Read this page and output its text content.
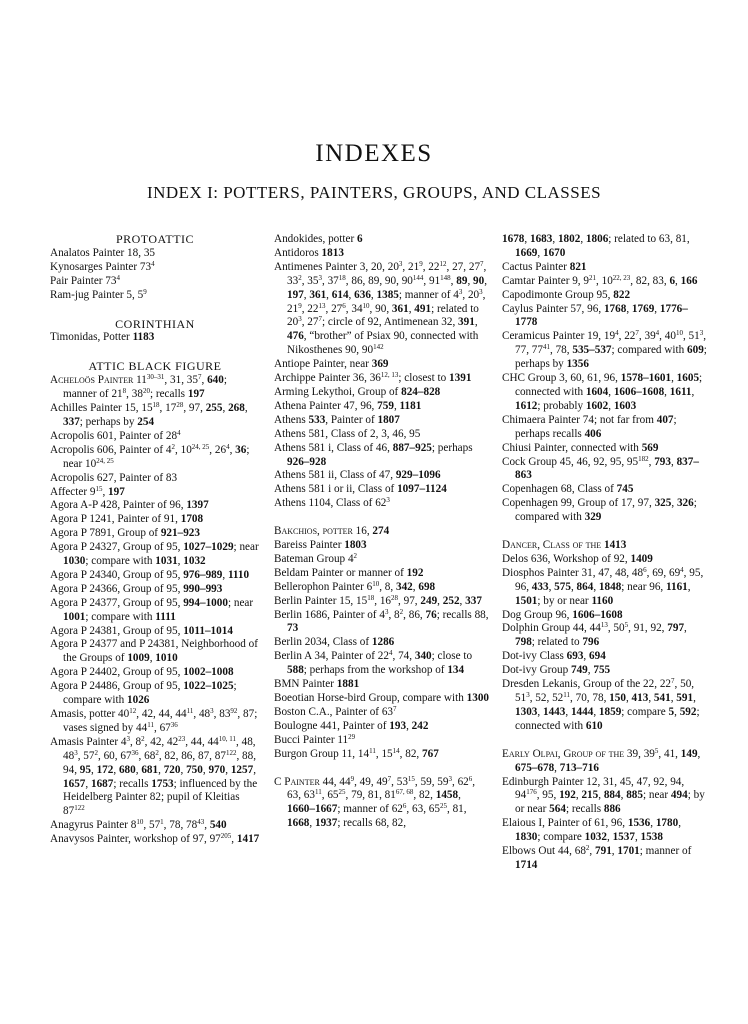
INDEXES
INDEX I: POTTERS, PAINTERS, GROUPS, AND CLASSES
PROTOATTIC
Analatos Painter 18, 35
Kynosarges Painter $73^4$
Pair Painter $73^4$
Ram-jug Painter 5, $5^9$
CORINTHIAN
Timonidas, Potter 1183
ATTIC BLACK FIGURE
Acheloös Painter 11$^{30-31}$, 31, $35^7$, 640; manner of $21^8$, $38^{20}$; recalls 197
Achilles Painter 15, $15^{18}$, $17^{28}$, 97, 255, 268, 337; perhaps by 254
Acropolis 601, Painter of $28^4$
Acropolis 606, Painter of $4^2$, 10$^{24, 25}$, $26^4$, 36; near 10$^{24, 25}$
Acropolis 627, Painter of 83
Affecter $9^{15}$, 197
Agora A-P 428, Painter of 96, 1397
Agora P 1241, Painter of 91, 1708
Agora P 7891, Group of 921–923
Agora P 24327, Group of 95, 1027–1029; near 1030; compare with 1031, 1032
Agora P 24340, Group of 95, 976–989, 1110
Agora P 24366, Group of 95, 990–993
Agora P 24377, Group of 95, 994–1000; near 1001; compare with 1111
Agora P 24381, Group of 95, 1011–1014
Agora P 24377 and P 24381, Neighborhood of the Groups of 1009, 1010
Agora P 24402, Group of 95, 1002–1008
Agora P 24486, Group of 95, 1022–1025; compare with 1026
Amasis, potter $40^{12}$, 42, 44, $44^{11}$, $48^3$, $83^{92}$, 87; vases signed by $44^{11}$, $67^{36}$
Amasis Painter $4^3$, $8^2$, 42, $42^{23}$, 44, 44$^{10, 11}$, 48, $48^3$, $57^2$, 60, $67^{36}$, $68^2$, 82, 86, 87, $87^{122}$, 88, 94, 95, 172, 680, 681, 720, 750, 970, 1257, 1657, 1687; recalls 1753; influenced by the Heidelberg Painter 82; pupil of Kleitias $87^{122}$
Anagyrus Painter $8^{10}$, $57^1$, 78, $78^{43}$, 540
Anavysos Painter, workshop of 97, $97^{205}$, 1417
Andokides, potter 6
Antidoros 1813
Antimenes Painter 3, 20, $20^3$, $21^9$, $22^{12}$, 27, $27^7$, $33^2$, $35^3$, $37^{18}$, 86, 89, 90, $90^{144}$, $91^{148}$, 89, 90, 197, 361, 614, 636, 1385; manner of $4^3$, $20^3$, $21^9$, $22^{13}$, $27^6$, $34^{10}$, 90, 361, 491; related to $20^3$, $27^7$; circle of 92, Antimenean 32, 391, 476, “brother” of Psiax 90, connected with Nikosthenes 90, $90^{142}$
Antiope Painter, near 369
Archippe Painter 36, 36$^{12, 13}$; closest to 1391
Arming Lekythoi, Group of 824–828
Athena Painter 47, 96, 759, 1181
Athens 533, Painter of 1807
Athens 581, Class of 2, 3, 46, 95
Athens 581 i, Class of 46, 887–925; perhaps 926–928
Athens 581 ii, Class of 47, 929–1096
Athens 581 i or ii, Class of 1097–1124
Athens 1104, Class of $62^3$
Bakchios, potter 16, 274
Bareiss Painter 1803
Bateman Group $4^2$
Beldam Painter or manner of 192
Bellerophon Painter $6^{10}$, 8, 342, 698
Berlin Painter 15, $15^{18}$, $16^{28}$, 97, 249, 252, 337
Berlin 1686, Painter of $4^3$, $8^2$, 86, 76; recalls 88, 73
Berlin 2034, Class of 1286
Berlin A 34, Painter of $22^4$, 74, 340; close to 588; perhaps from the workshop of 134
BMN Painter 1881
Boeotian Horse-bird Group, compare with 1300
Boston C.A., Painter of $63^7$
Boulogne 441, Painter of 193, 242
Bucci Painter $11^{29}$
Burgon Group 11, $14^{11}$, $15^{14}$, 82, 767
C Painter 44, $44^9$, 49, $49^7$, $53^{15}$, 59, $59^3$, $62^6$, 63, $63^{11}$, $65^{25}$, 79, 81, 81$^{67, 68}$, 82, 1458, 1660–1667; manner of $62^6$, 63, $65^{25}$, 81, 1668, 1937; recalls 68, 82,
1678, 1683, 1802, 1806; related to 63, 81, 1669, 1670
Cactus Painter 821
Camtar Painter 9, $9^{21}$, 10$^{22, 23}$, 82, 83, 6, 166
Capodimonte Group 95, 822
Caylus Painter 57, 96, 1768, 1769, 1776–1778
Ceramicus Painter 19, $19^4$, $22^7$, $39^4$, $40^{10}$, $51^3$, 77, $77^{41}$, 78, 535–537; compared with 609; perhaps by 1356
CHC Group 3, 60, 61, 96, 1578–1601, 1605; connected with 1604, 1606–1608, 1611, 1612; probably 1602, 1603
Chimaera Painter 74; not far from 407; perhaps recalls 406
Chiusi Painter, connected with 569
Cock Group 45, 46, 92, 95, $95^{182}$, 793, 837–863
Copenhagen 68, Class of 745
Copenhagen 99, Group of 17, 97, 325, 326; compared with 329
Dancer, Class of the 1413
Delos 636, Workshop of 92, 1409
Diosphos Painter 31, 47, 48, $48^6$, 69, $69^4$, 95, 96, 433, 575, 864, 1848; near 96, 1161, 1501; by or near 1160
Dog Group 96, 1606–1608
Dolphin Group 44, $44^{13}$, $50^5$, 91, 92, 797, 798; related to 796
Dot-ivy Class 693, 694
Dot-ivy Group 749, 755
Dresden Lekanis, Group of the 22, $22^7$, 50, $51^3$, 52, $52^{11}$, 70, 78, 150, 413, 541, 591, 1303, 1443, 1444, 1859; compare 5, 592; connected with 610
Early Olpai, Group of the 39, $39^5$, 41, 149, 675–678, 713–716
Edinburgh Painter 12, 31, 45, 47, 92, 94, $94^{176}$, 95, 192, 215, 884, 885; near 494; by or near 564; recalls 886
Elaious I, Painter of 61, 96, 1536, 1780, 1830; compare 1032, 1537, 1538
Elbows Out 44, $68^2$, 791, 1701; manner of 1714
